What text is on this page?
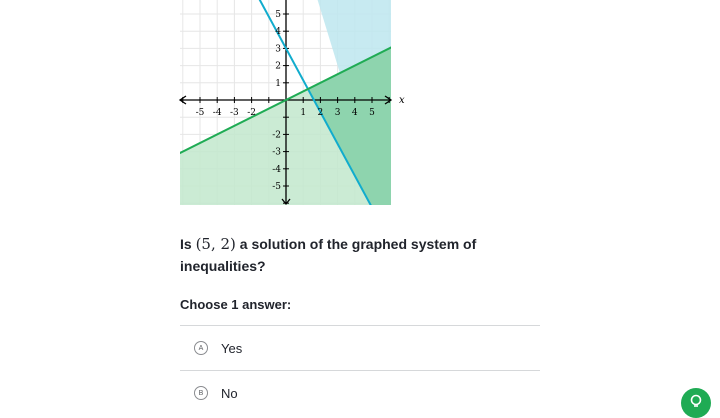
-5 -4 -3 -2	1 2 3 4 5
5
4
3
2
1
-2
-3
-4
-5
x
Is (5, 2) a solution of the graphed system of inequalities?
Choose 1 answer:
A	Yes
B	No
